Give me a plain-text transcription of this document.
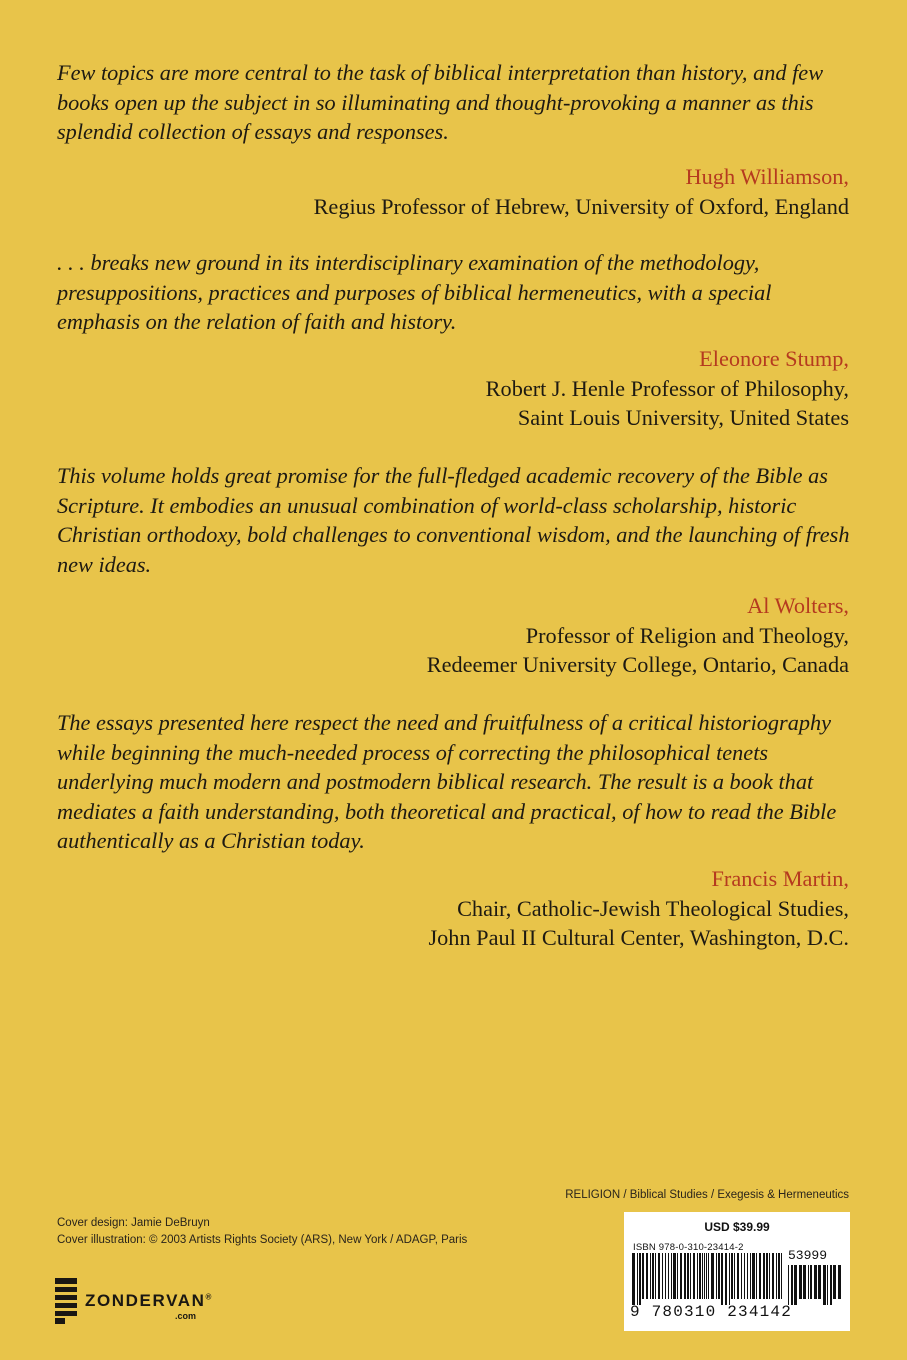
Few topics are more central to the task of biblical interpretation than history, and few books open up the subject in so illuminating and thought-provoking a manner as this splendid collection of essays and responses.

Hugh Williamson,
Regius Professor of Hebrew, University of Oxford, England

. . . breaks new ground in its interdisciplinary examination of the methodology, presuppositions, practices and purposes of biblical hermeneutics, with a special emphasis on the relation of faith and history.

Eleonore Stump,
Robert J. Henle Professor of Philosophy,
Saint Louis University, United States

This volume holds great promise for the full-fledged academic recovery of the Bible as Scripture. It embodies an unusual combination of world-class scholarship, historic Christian orthodoxy, bold challenges to conventional wisdom, and the launching of fresh new ideas.

Al Wolters,
Professor of Religion and Theology,
Redeemer University College, Ontario, Canada

The essays presented here respect the need and fruitfulness of a critical historiography while beginning the much-needed process of correcting the philosophical tenets underlying much modern and postmodern biblical research. The result is a book that mediates a faith understanding, both theoretical and practical, of how to read the Bible authentically as a Christian today.

Francis Martin,
Chair, Catholic-Jewish Theological Studies,
John Paul II Cultural Center, Washington, D.C.
RELIGION / Biblical Studies / Exegesis & Hermeneutics
Cover design: Jamie DeBruyn
Cover illustration: © 2003 Artists Rights Society (ARS), New York / ADAGP, Paris
ZONDERVAN®
.com
USD $39.99
ISBN 978-0-310-23414-2
53999
9 780310 234142
